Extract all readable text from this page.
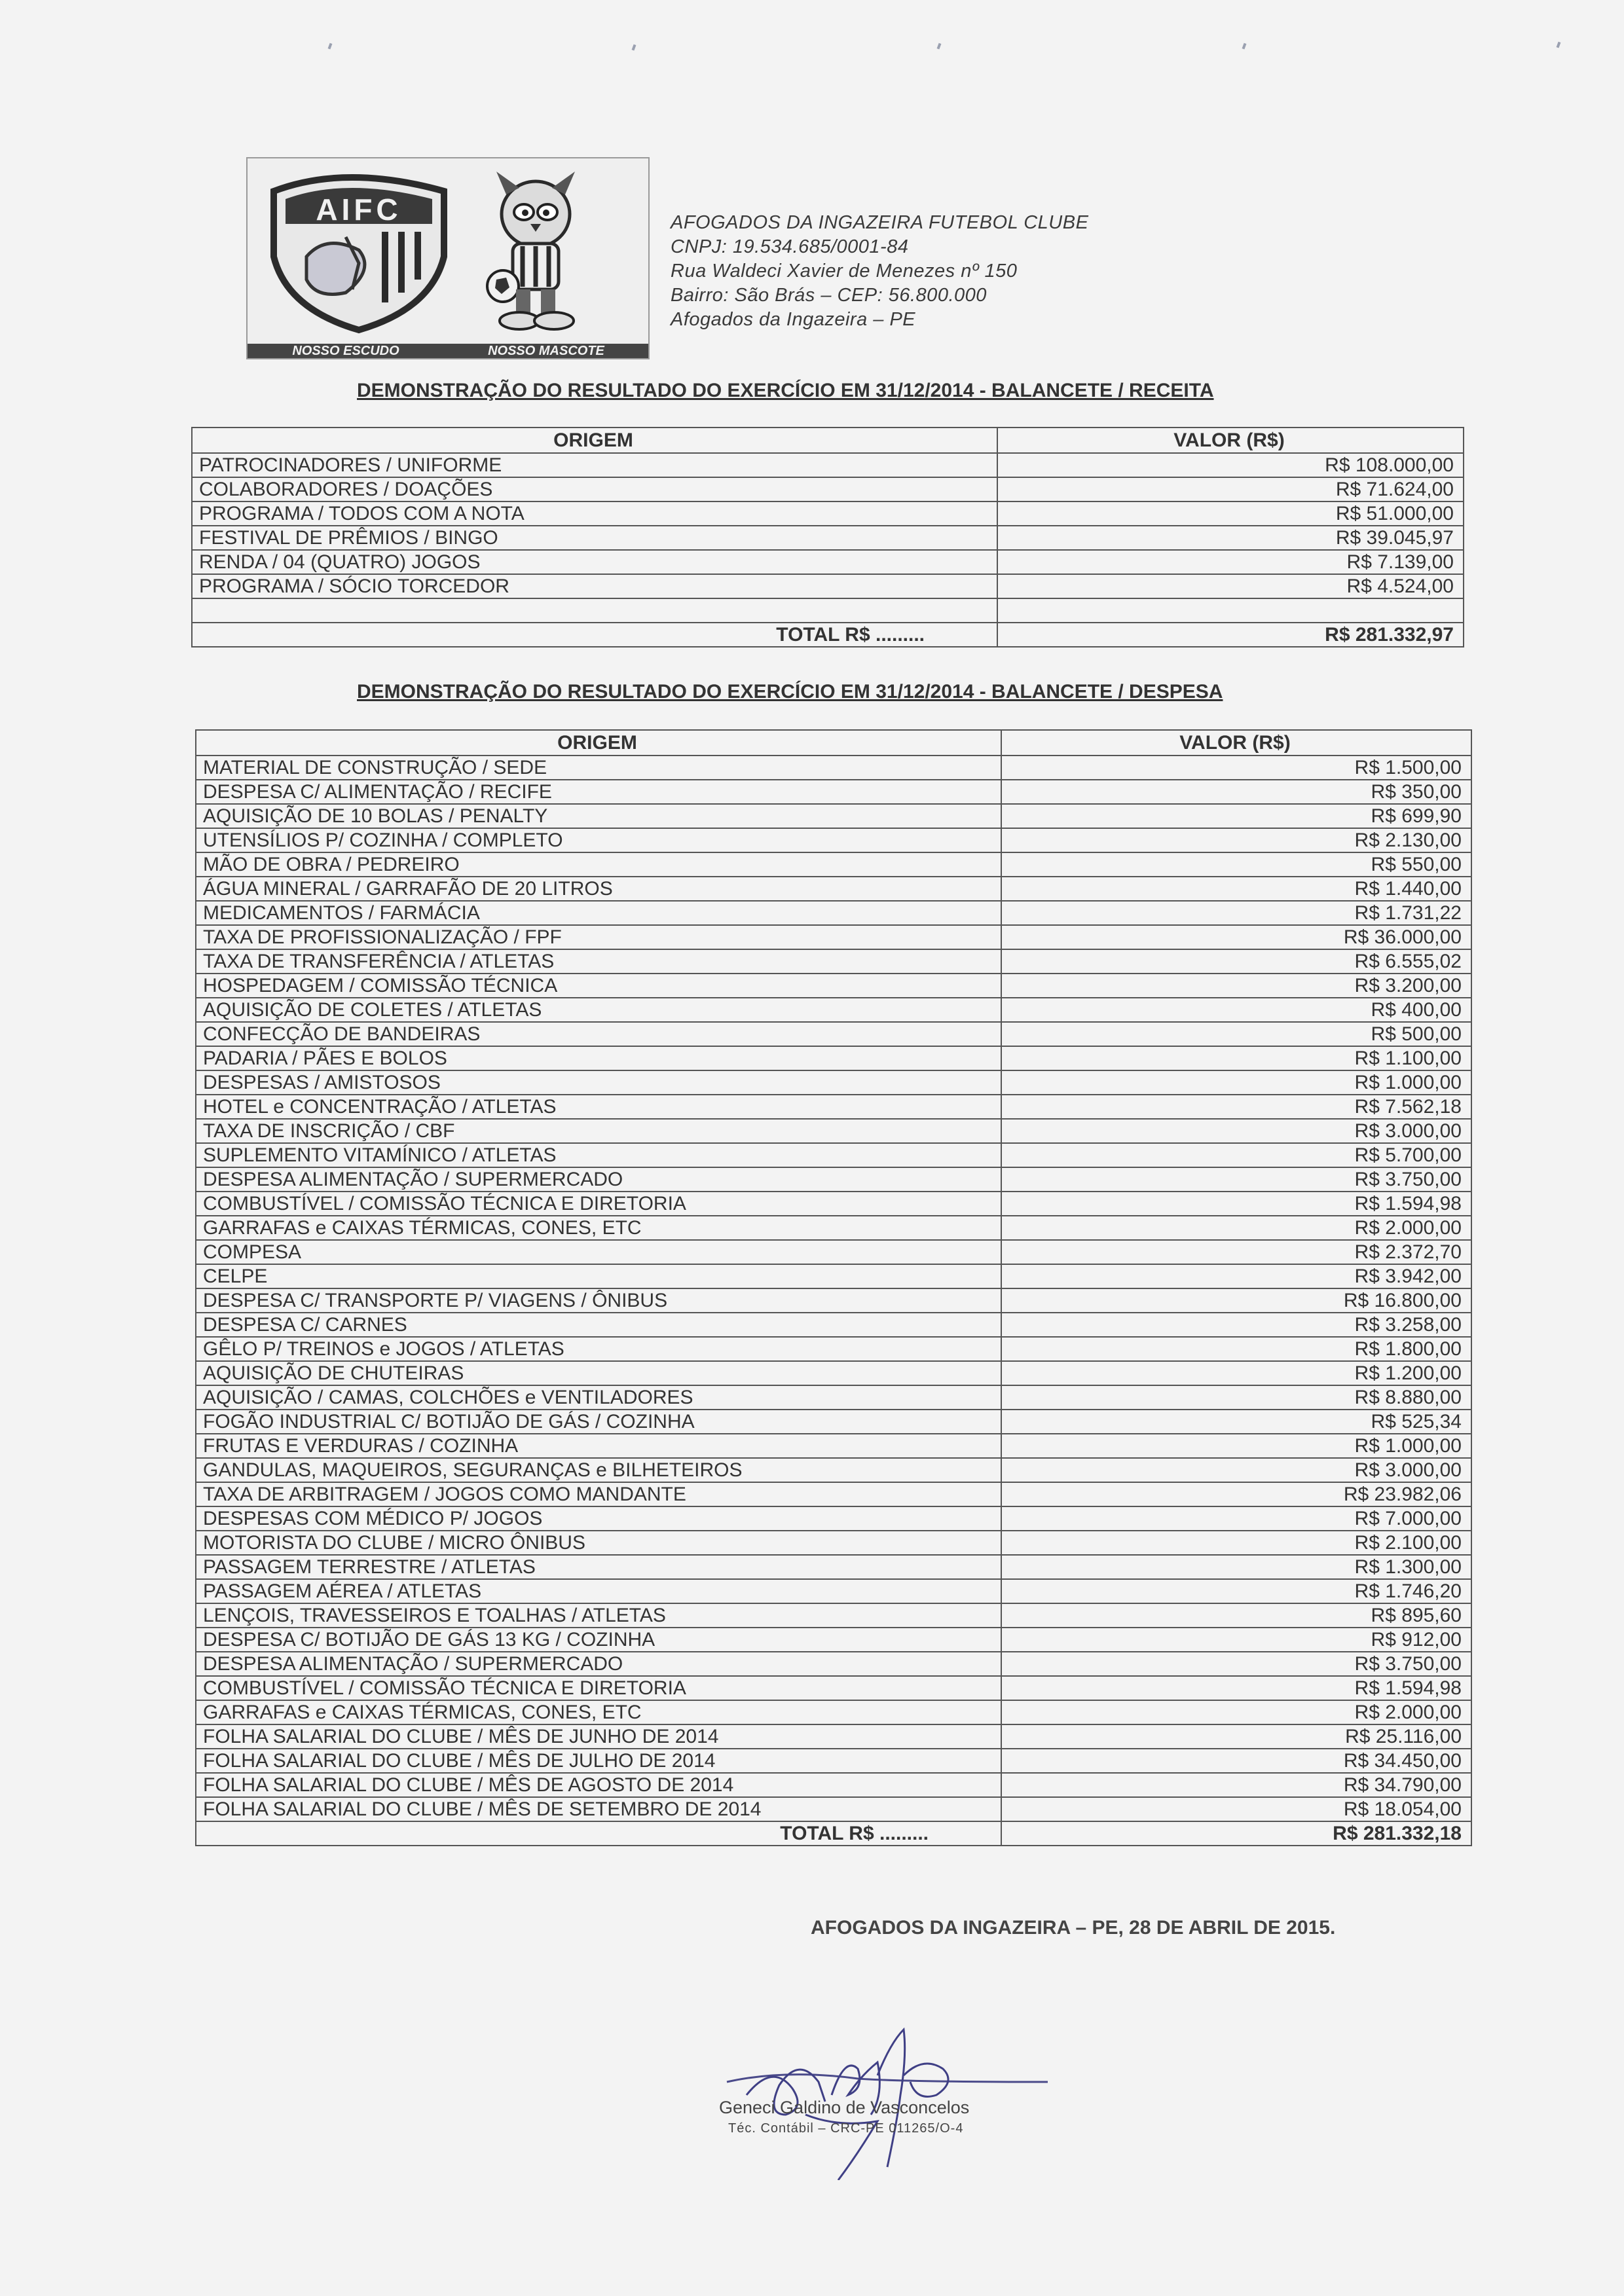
AIFC
NOSSO ESCUDO	NOSSO MASCOTE
AFOGADOS DA INGAZEIRA FUTEBOL CLUBE
CNPJ: 19.534.685/0001-84
Rua Waldeci Xavier de Menezes nº 150
Bairro: São Brás – CEP: 56.800.000
Afogados da Ingazeira – PE
DEMONSTRAÇÃO DO RESULTADO DO EXERCÍCIO EM 31/12/2014 - BALANCETE / RECEITA
ORIGEM	VALOR (R$)
PATROCINADORES / UNIFORME	R$ 108.000,00
COLABORADORES / DOAÇÕES	R$ 71.624,00
PROGRAMA / TODOS COM A NOTA	R$ 51.000,00
FESTIVAL DE PRÊMIOS / BINGO	R$ 39.045,97
RENDA / 04 (QUATRO) JOGOS	R$ 7.139,00
PROGRAMA / SÓCIO TORCEDOR	R$ 4.524,00

TOTAL R$ .........	R$ 281.332,97
DEMONSTRAÇÃO DO RESULTADO DO EXERCÍCIO EM 31/12/2014 - BALANCETE / DESPESA
ORIGEM	VALOR (R$)
MATERIAL DE CONSTRUÇÃO / SEDE	R$ 1.500,00
DESPESA C/ ALIMENTAÇÃO / RECIFE	R$ 350,00
AQUISIÇÃO DE 10 BOLAS / PENALTY	R$ 699,90
UTENSÍLIOS P/ COZINHA / COMPLETO	R$ 2.130,00
MÃO DE OBRA / PEDREIRO	R$ 550,00
ÁGUA MINERAL / GARRAFÃO DE 20 LITROS	R$ 1.440,00
MEDICAMENTOS / FARMÁCIA	R$ 1.731,22
TAXA DE PROFISSIONALIZAÇÃO / FPF	R$ 36.000,00
TAXA DE TRANSFERÊNCIA / ATLETAS	R$ 6.555,02
HOSPEDAGEM / COMISSÃO TÉCNICA	R$ 3.200,00
AQUISIÇÃO DE COLETES / ATLETAS	R$ 400,00
CONFECÇÃO DE BANDEIRAS	R$ 500,00
PADARIA / PÃES E BOLOS	R$ 1.100,00
DESPESAS / AMISTOSOS	R$ 1.000,00
HOTEL e CONCENTRAÇÃO / ATLETAS	R$ 7.562,18
TAXA DE INSCRIÇÃO / CBF	R$ 3.000,00
SUPLEMENTO VITAMÍNICO / ATLETAS	R$ 5.700,00
DESPESA ALIMENTAÇÃO / SUPERMERCADO	R$ 3.750,00
COMBUSTÍVEL / COMISSÃO TÉCNICA E DIRETORIA	R$ 1.594,98
GARRAFAS e CAIXAS TÉRMICAS, CONES, ETC	R$ 2.000,00
COMPESA	R$ 2.372,70
CELPE	R$ 3.942,00
DESPESA C/ TRANSPORTE P/ VIAGENS / ÔNIBUS	R$ 16.800,00
DESPESA C/ CARNES	R$ 3.258,00
GÊLO P/ TREINOS e JOGOS / ATLETAS	R$ 1.800,00
AQUISIÇÃO DE CHUTEIRAS	R$ 1.200,00
AQUISIÇÃO / CAMAS, COLCHÕES e VENTILADORES	R$ 8.880,00
FOGÃO INDUSTRIAL C/ BOTIJÃO DE GÁS / COZINHA	R$ 525,34
FRUTAS E VERDURAS / COZINHA	R$ 1.000,00
GANDULAS, MAQUEIROS, SEGURANÇAS e BILHETEIROS	R$ 3.000,00
TAXA DE ARBITRAGEM / JOGOS COMO MANDANTE	R$ 23.982,06
DESPESAS COM MÉDICO P/ JOGOS	R$ 7.000,00
MOTORISTA DO CLUBE / MICRO ÔNIBUS	R$ 2.100,00
PASSAGEM TERRESTRE / ATLETAS	R$ 1.300,00
PASSAGEM AÉREA / ATLETAS	R$ 1.746,20
LENÇOIS, TRAVESSEIROS E TOALHAS / ATLETAS	R$ 895,60
DESPESA C/ BOTIJÃO DE GÁS 13 KG / COZINHA	R$ 912,00
DESPESA ALIMENTAÇÃO / SUPERMERCADO	R$ 3.750,00
COMBUSTÍVEL / COMISSÃO TÉCNICA E DIRETORIA	R$ 1.594,98
GARRAFAS e CAIXAS TÉRMICAS, CONES, ETC	R$ 2.000,00
FOLHA SALARIAL DO CLUBE / MÊS DE JUNHO DE 2014	R$ 25.116,00
FOLHA SALARIAL DO CLUBE / MÊS DE JULHO DE 2014	R$ 34.450,00
FOLHA SALARIAL DO CLUBE / MÊS DE AGOSTO DE 2014	R$ 34.790,00
FOLHA SALARIAL DO CLUBE / MÊS DE SETEMBRO DE 2014	R$ 18.054,00
TOTAL R$ .........	R$ 281.332,18
AFOGADOS DA INGAZEIRA – PE, 28 DE ABRIL DE 2015.
Geneci Galdino de Vasconcelos
Téc. Contábil – CRC-PE 011265/O-4
